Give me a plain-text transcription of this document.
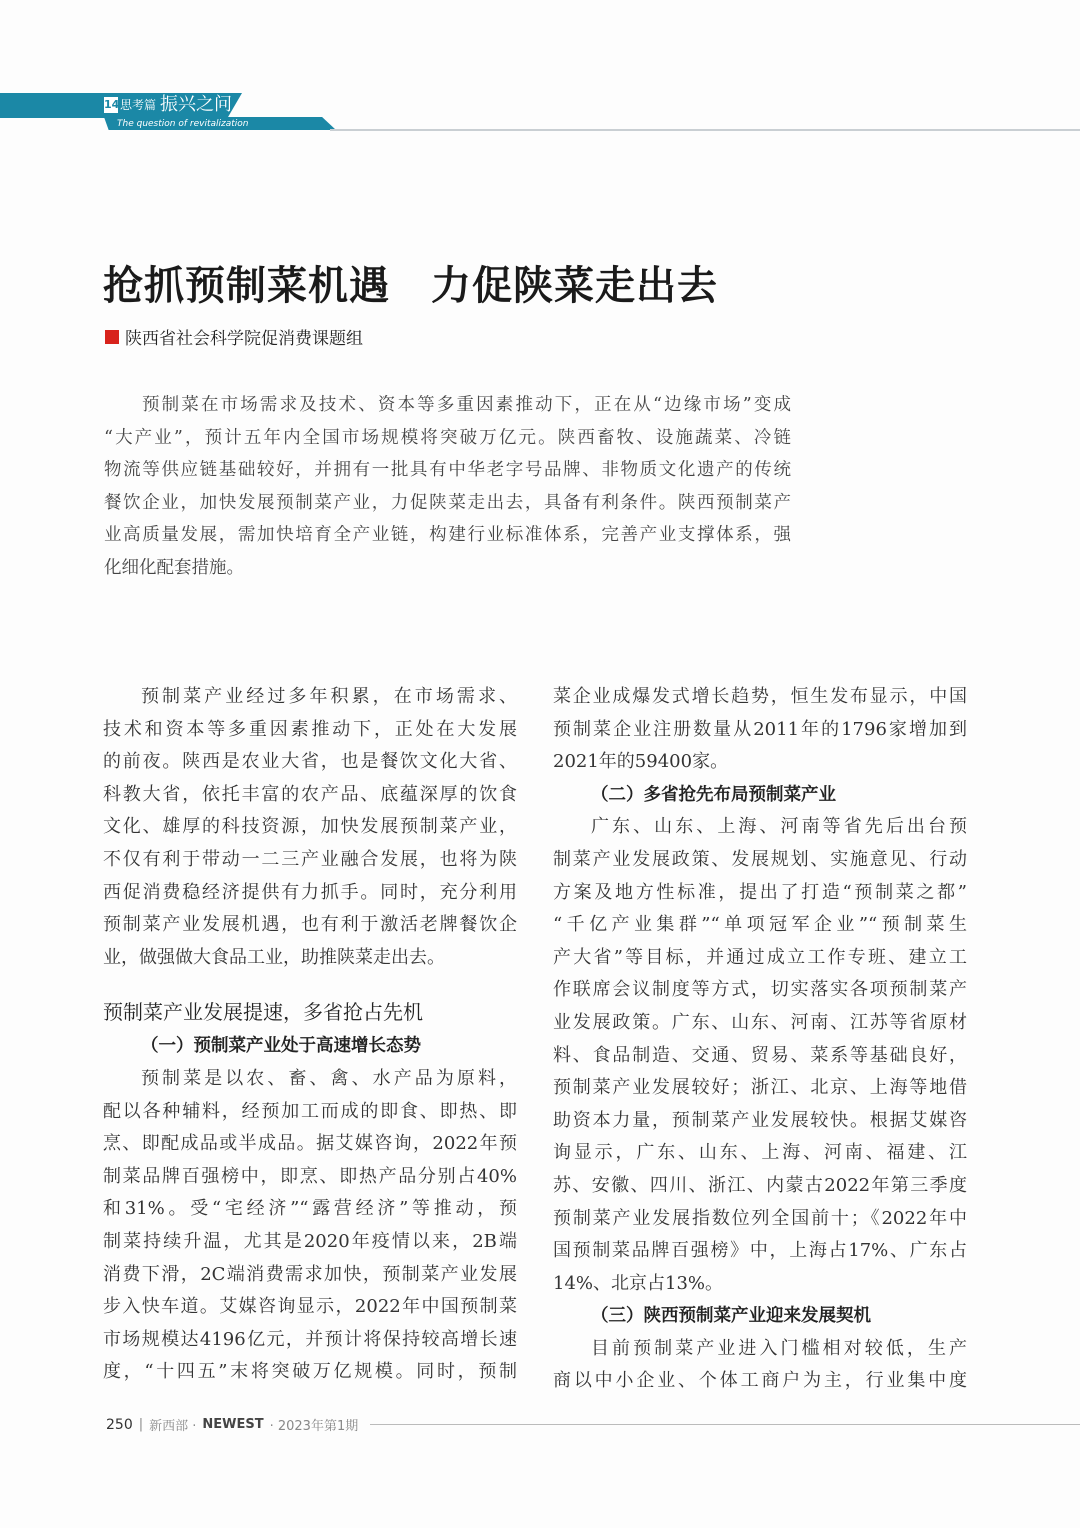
14 思考篇 振兴之问
The question of revitalization
抢抓预制菜机遇　力促陕菜走出去
陕西省社会科学院促消费课题组
预制菜在市场需求及技术、资本等多重因素推动下，正在从“边缘市场”变成
“大产业”，预计五年内全国市场规模将突破万亿元。陕西畜牧、设施蔬菜、冷链
物流等供应链基础较好，并拥有一批具有中华老字号品牌、非物质文化遗产的传统
餐饮企业，加快发展预制菜产业，力促陕菜走出去，具备有利条件。陕西预制菜产
业高质量发展，需加快培育全产业链，构建行业标准体系，完善产业支撑体系，强
化细化配套措施。
预制菜产业经过多年积累，在市场需求、
技术和资本等多重因素推动下，正处在大发展
的前夜。陕西是农业大省，也是餐饮文化大省、
科教大省，依托丰富的农产品、底蕴深厚的饮食
文化、雄厚的科技资源，加快发展预制菜产业，
不仅有利于带动一二三产业融合发展，也将为陕
西促消费稳经济提供有力抓手。同时，充分利用
预制菜产业发展机遇，也有利于激活老牌餐饮企
业，做强做大食品工业，助推陕菜走出去。
预制菜产业发展提速，多省抢占先机
（一）预制菜产业处于高速增长态势
预制菜是以农、畜、禽、水产品为原料，
配以各种辅料，经预加工而成的即食、即热、即
烹、即配成品或半成品。据艾媒咨询，2022年预
制菜品牌百强榜中，即烹、即热产品分别占40%
和31%。受“宅经济”“露营经济”等推动，预
制菜持续升温，尤其是2020年疫情以来，2B端
消费下滑，2C端消费需求加快，预制菜产业发展
步入快车道。艾媒咨询显示，2022年中国预制菜
市场规模达4196亿元，并预计将保持较高增长速
度，“十四五”末将突破万亿规模。同时，预制
菜企业成爆发式增长趋势，恒生发布显示，中国
预制菜企业注册数量从2011年的1796家增加到
2021年的59400家。
（二）多省抢先布局预制菜产业
广东、山东、上海、河南等省先后出台预
制菜产业发展政策、发展规划、实施意见、行动
方案及地方性标准，提出了打造“预制菜之都”
“千亿产业集群”“单项冠军企业”“预制菜生
产大省”等目标，并通过成立工作专班、建立工
作联席会议制度等方式，切实落实各项预制菜产
业发展政策。广东、山东、河南、江苏等省原材
料、食品制造、交通、贸易、菜系等基础良好，
预制菜产业发展较好；浙江、北京、上海等地借
助资本力量，预制菜产业发展较快。根据艾媒咨
询显示，广东、山东、上海、河南、福建、江
苏、安徽、四川、浙江、内蒙古2022年第三季度
预制菜产业发展指数位列全国前十；《2022年中
国预制菜品牌百强榜》中，上海占17%、广东占
14%、北京占13%。
（三）陕西预制菜产业迎来发展契机
目前预制菜产业进入门槛相对较低，生产
商以中小企业、个体工商户为主，行业集中度
250 | 新西部 · NEWEST · 2023年第1期
